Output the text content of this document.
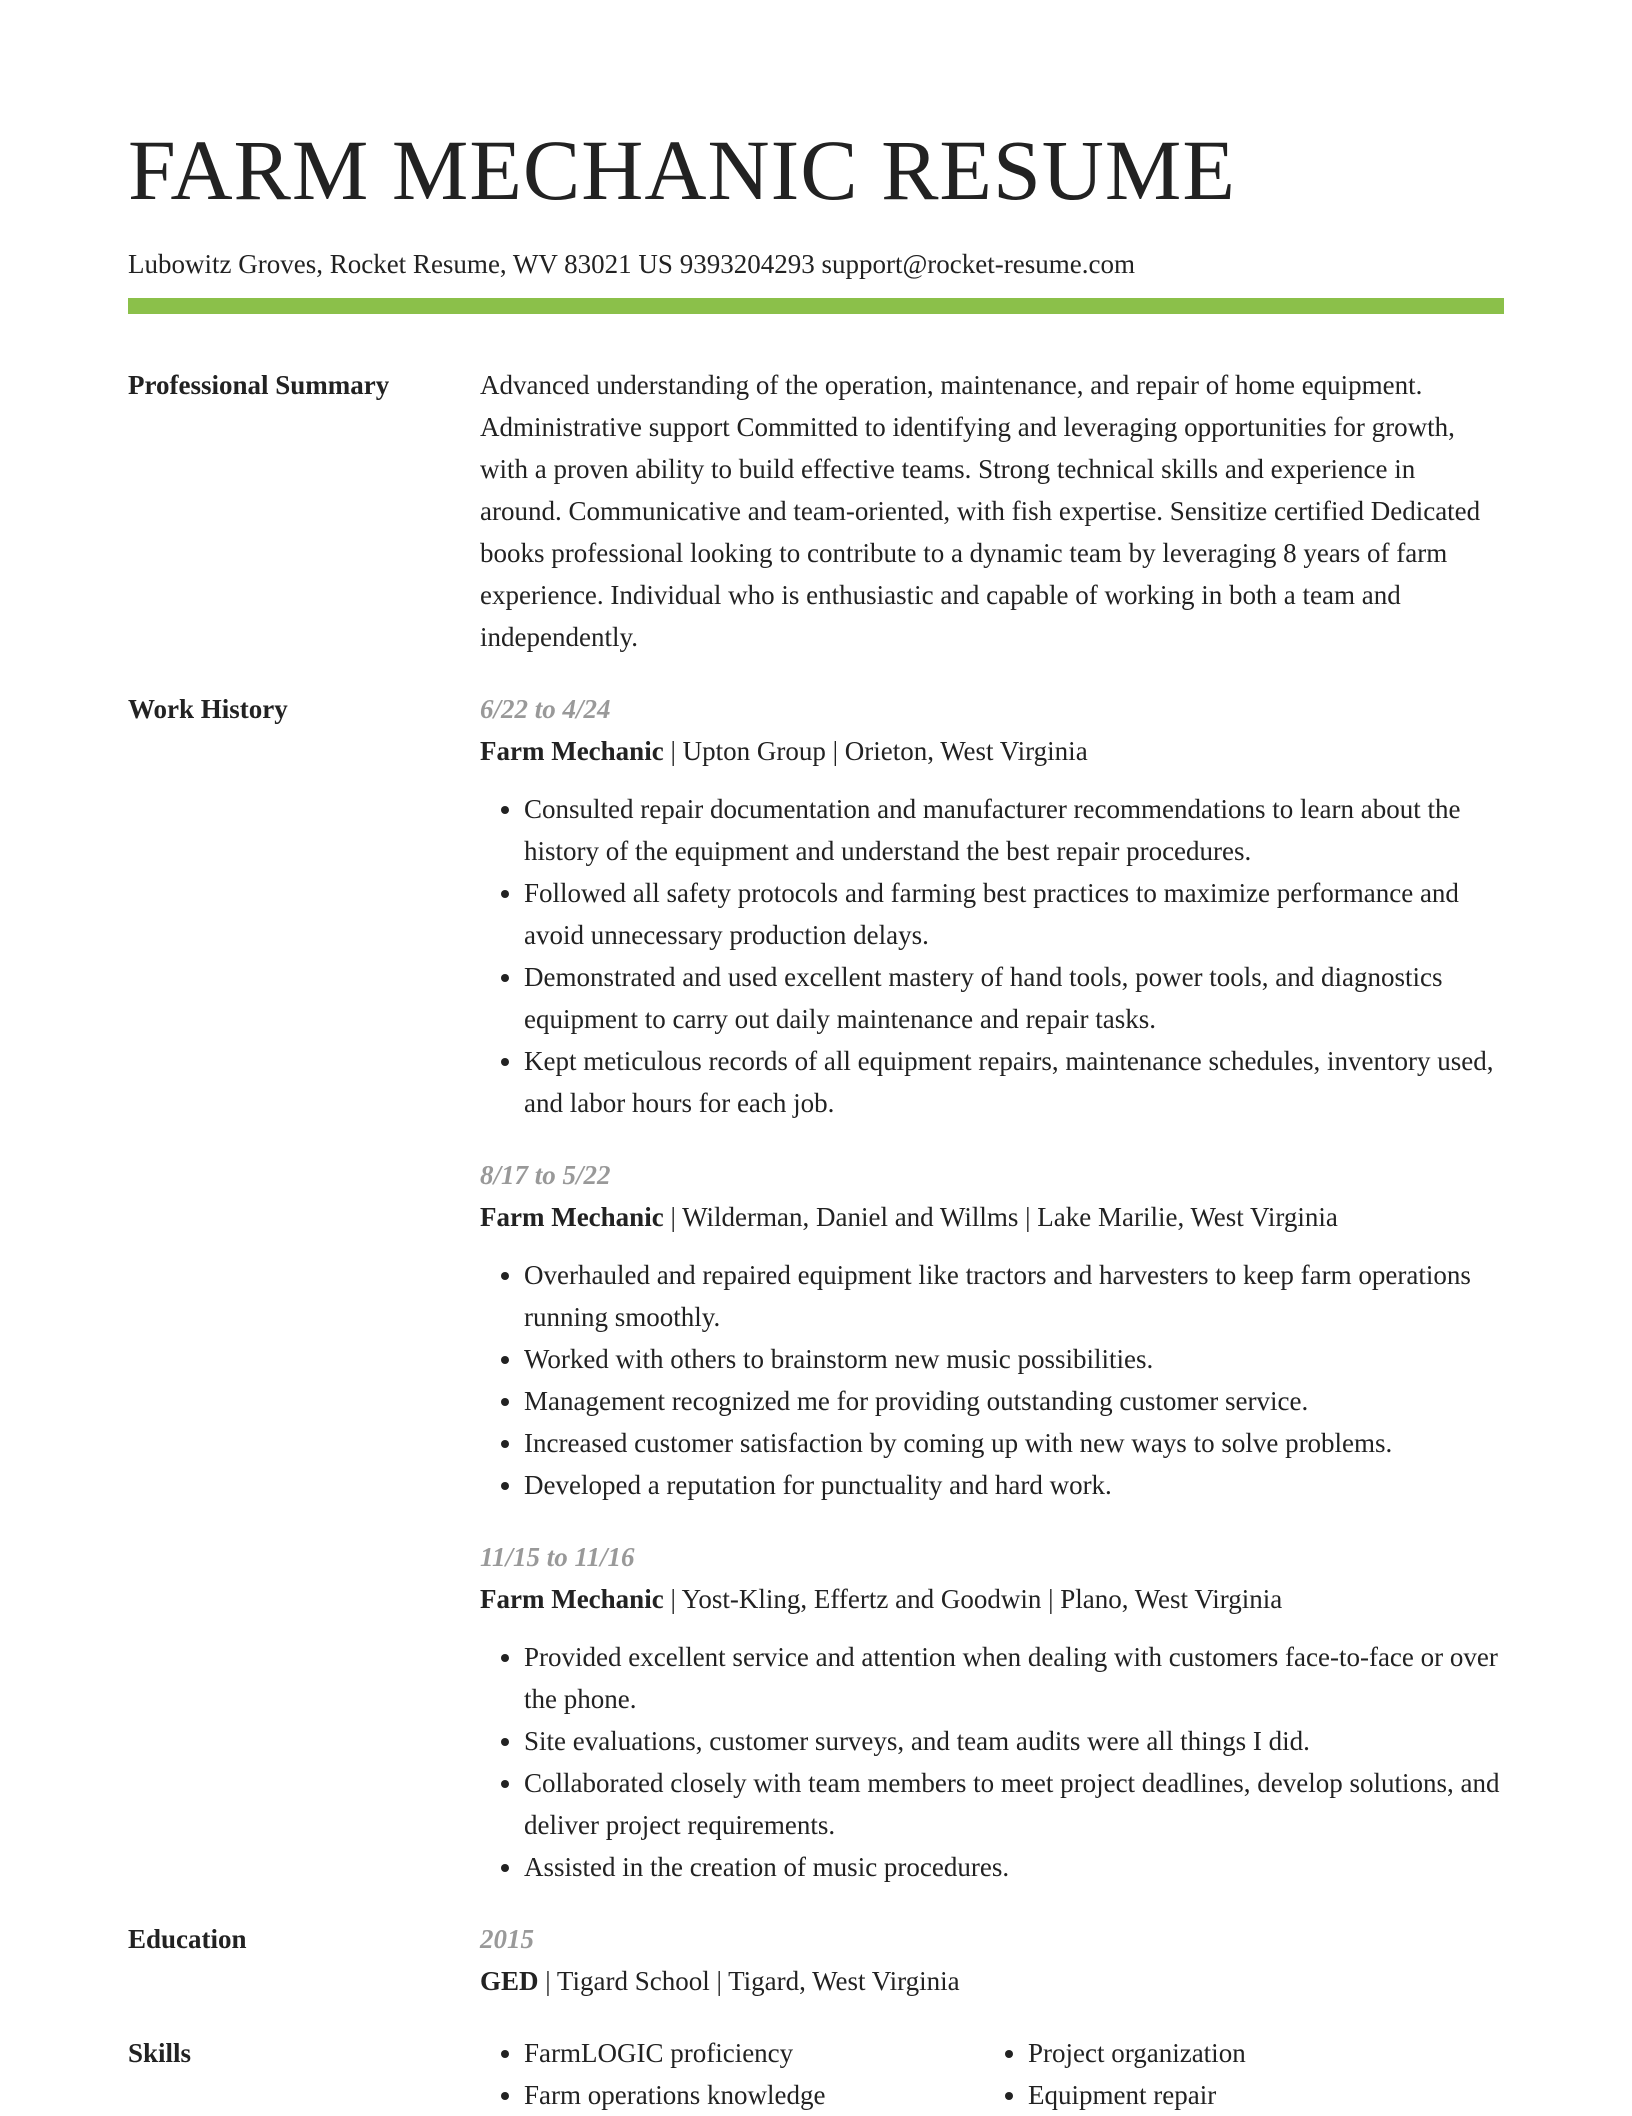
FARM MECHANIC RESUME
Lubowitz Groves, Rocket Resume, WV 83021 US 9393204293 support@rocket-resume.com
Professional Summary	Advanced understanding of the operation, maintenance, and repair of home equipment. Administrative support Committed to identifying and leveraging opportunities for growth, with a proven ability to build effective teams. Strong technical skills and experience in around. Communicative and team-oriented, with fish expertise. Sensitize certified Dedicated books professional looking to contribute to a dynamic team by leveraging 8 years of farm experience. Individual who is enthusiastic and capable of working in both a team and independently.
Work History	6/22 to 4/24
Farm Mechanic | Upton Group | Orieton, West Virginia
• Consulted repair documentation and manufacturer recommendations to learn about the history of the equipment and understand the best repair procedures.
• Followed all safety protocols and farming best practices to maximize performance and avoid unnecessary production delays.
• Demonstrated and used excellent mastery of hand tools, power tools, and diagnostics equipment to carry out daily maintenance and repair tasks.
• Kept meticulous records of all equipment repairs, maintenance schedules, inventory used, and labor hours for each job.
8/17 to 5/22
Farm Mechanic | Wilderman, Daniel and Willms | Lake Marilie, West Virginia
• Overhauled and repaired equipment like tractors and harvesters to keep farm operations running smoothly.
• Worked with others to brainstorm new music possibilities.
• Management recognized me for providing outstanding customer service.
• Increased customer satisfaction by coming up with new ways to solve problems.
• Developed a reputation for punctuality and hard work.
11/15 to 11/16
Farm Mechanic | Yost-Kling, Effertz and Goodwin | Plano, West Virginia
• Provided excellent service and attention when dealing with customers face-to-face or over the phone.
• Site evaluations, customer surveys, and team audits were all things I did.
• Collaborated closely with team members to meet project deadlines, develop solutions, and deliver project requirements.
• Assisted in the creation of music procedures.
Education	2015
GED | Tigard School | Tigard, West Virginia
Skills
•	FarmLOGIC proficiency
• Farm operations knowledge
• Project organization
• Equipment repair
